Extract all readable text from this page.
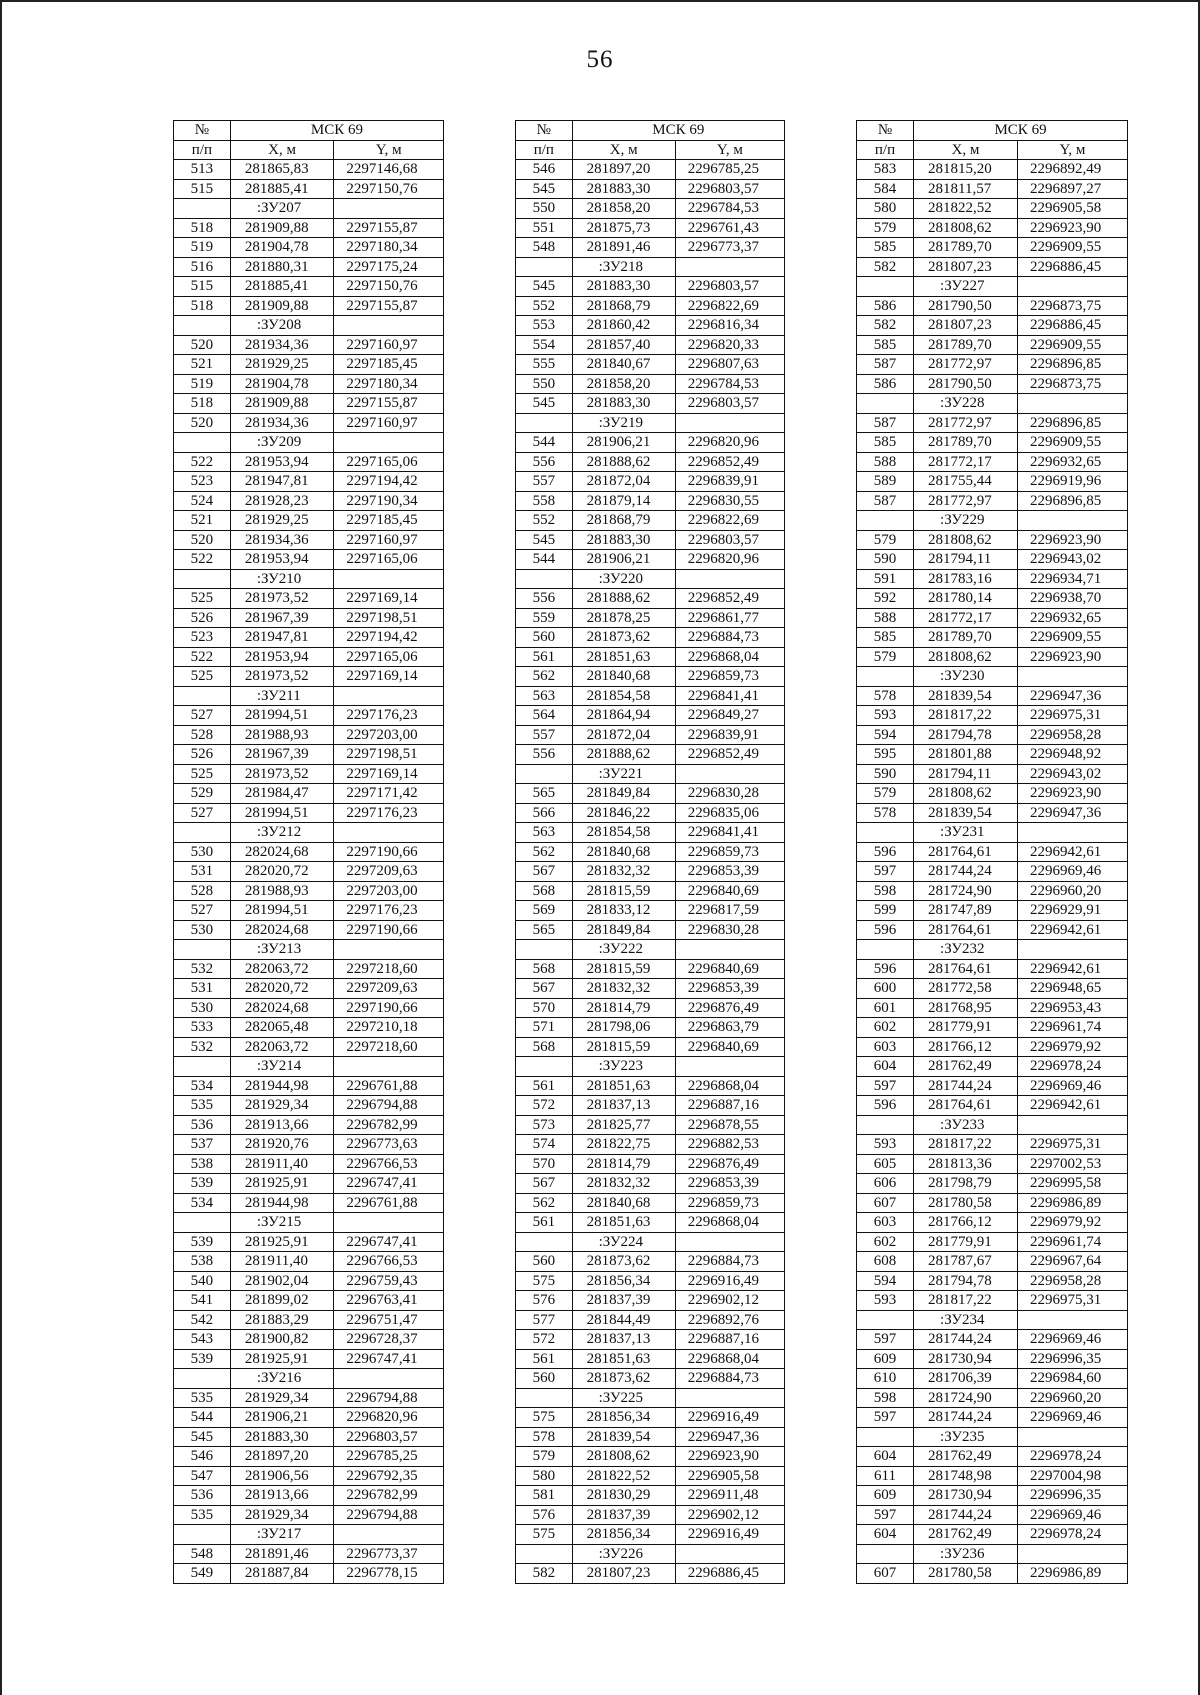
56
№	МСК 69	
п/п	X, м	Y, м
513	281865,83	2297146,68
515	281885,41	2297150,76
	:ЗУ207	
518	281909,88	2297155,87
519	281904,78	2297180,34
516	281880,31	2297175,24
515	281885,41	2297150,76
518	281909,88	2297155,87
	:ЗУ208	
520	281934,36	2297160,97
521	281929,25	2297185,45
519	281904,78	2297180,34
518	281909,88	2297155,87
520	281934,36	2297160,97
	:ЗУ209	
522	281953,94	2297165,06
523	281947,81	2297194,42
524	281928,23	2297190,34
521	281929,25	2297185,45
520	281934,36	2297160,97
522	281953,94	2297165,06
	:ЗУ210	
525	281973,52	2297169,14
526	281967,39	2297198,51
523	281947,81	2297194,42
522	281953,94	2297165,06
525	281973,52	2297169,14
	:ЗУ211	
527	281994,51	2297176,23
528	281988,93	2297203,00
526	281967,39	2297198,51
525	281973,52	2297169,14
529	281984,47	2297171,42
527	281994,51	2297176,23
	:ЗУ212	
530	282024,68	2297190,66
531	282020,72	2297209,63
528	281988,93	2297203,00
527	281994,51	2297176,23
530	282024,68	2297190,66
	:ЗУ213	
532	282063,72	2297218,60
531	282020,72	2297209,63
530	282024,68	2297190,66
533	282065,48	2297210,18
532	282063,72	2297218,60
	:ЗУ214	
534	281944,98	2296761,88
535	281929,34	2296794,88
536	281913,66	2296782,99
537	281920,76	2296773,63
538	281911,40	2296766,53
539	281925,91	2296747,41
534	281944,98	2296761,88
	:ЗУ215	
539	281925,91	2296747,41
538	281911,40	2296766,53
540	281902,04	2296759,43
541	281899,02	2296763,41
542	281883,29	2296751,47
543	281900,82	2296728,37
539	281925,91	2296747,41
	:ЗУ216	
535	281929,34	2296794,88
544	281906,21	2296820,96
545	281883,30	2296803,57
546	281897,20	2296785,25
547	281906,56	2296792,35
536	281913,66	2296782,99
535	281929,34	2296794,88
	:ЗУ217	
548	281891,46	2296773,37
549	281887,84	2296778,15
№	МСК 69	
п/п	X, м	Y, м
546	281897,20	2296785,25
545	281883,30	2296803,57
550	281858,20	2296784,53
551	281875,73	2296761,43
548	281891,46	2296773,37
	:ЗУ218	
545	281883,30	2296803,57
552	281868,79	2296822,69
553	281860,42	2296816,34
554	281857,40	2296820,33
555	281840,67	2296807,63
550	281858,20	2296784,53
545	281883,30	2296803,57
	:ЗУ219	
544	281906,21	2296820,96
556	281888,62	2296852,49
557	281872,04	2296839,91
558	281879,14	2296830,55
552	281868,79	2296822,69
545	281883,30	2296803,57
544	281906,21	2296820,96
	:ЗУ220	
556	281888,62	2296852,49
559	281878,25	2296861,77
560	281873,62	2296884,73
561	281851,63	2296868,04
562	281840,68	2296859,73
563	281854,58	2296841,41
564	281864,94	2296849,27
557	281872,04	2296839,91
556	281888,62	2296852,49
	:ЗУ221	
565	281849,84	2296830,28
566	281846,22	2296835,06
563	281854,58	2296841,41
562	281840,68	2296859,73
567	281832,32	2296853,39
568	281815,59	2296840,69
569	281833,12	2296817,59
565	281849,84	2296830,28
	:ЗУ222	
568	281815,59	2296840,69
567	281832,32	2296853,39
570	281814,79	2296876,49
571	281798,06	2296863,79
568	281815,59	2296840,69
	:ЗУ223	
561	281851,63	2296868,04
572	281837,13	2296887,16
573	281825,77	2296878,55
574	281822,75	2296882,53
570	281814,79	2296876,49
567	281832,32	2296853,39
562	281840,68	2296859,73
561	281851,63	2296868,04
	:ЗУ224	
560	281873,62	2296884,73
575	281856,34	2296916,49
576	281837,39	2296902,12
577	281844,49	2296892,76
572	281837,13	2296887,16
561	281851,63	2296868,04
560	281873,62	2296884,73
	:ЗУ225	
575	281856,34	2296916,49
578	281839,54	2296947,36
579	281808,62	2296923,90
580	281822,52	2296905,58
581	281830,29	2296911,48
576	281837,39	2296902,12
575	281856,34	2296916,49
	:ЗУ226	
582	281807,23	2296886,45
№	МСК 69	
п/п	X, м	Y, м
583	281815,20	2296892,49
584	281811,57	2296897,27
580	281822,52	2296905,58
579	281808,62	2296923,90
585	281789,70	2296909,55
582	281807,23	2296886,45
	:ЗУ227	
586	281790,50	2296873,75
582	281807,23	2296886,45
585	281789,70	2296909,55
587	281772,97	2296896,85
586	281790,50	2296873,75
	:ЗУ228	
587	281772,97	2296896,85
585	281789,70	2296909,55
588	281772,17	2296932,65
589	281755,44	2296919,96
587	281772,97	2296896,85
	:ЗУ229	
579	281808,62	2296923,90
590	281794,11	2296943,02
591	281783,16	2296934,71
592	281780,14	2296938,70
588	281772,17	2296932,65
585	281789,70	2296909,55
579	281808,62	2296923,90
	:ЗУ230	
578	281839,54	2296947,36
593	281817,22	2296975,31
594	281794,78	2296958,28
595	281801,88	2296948,92
590	281794,11	2296943,02
579	281808,62	2296923,90
578	281839,54	2296947,36
	:ЗУ231	
596	281764,61	2296942,61
597	281744,24	2296969,46
598	281724,90	2296960,20
599	281747,89	2296929,91
596	281764,61	2296942,61
	:ЗУ232	
596	281764,61	2296942,61
600	281772,58	2296948,65
601	281768,95	2296953,43
602	281779,91	2296961,74
603	281766,12	2296979,92
604	281762,49	2296978,24
597	281744,24	2296969,46
596	281764,61	2296942,61
	:ЗУ233	
593	281817,22	2296975,31
605	281813,36	2297002,53
606	281798,79	2296995,58
607	281780,58	2296986,89
603	281766,12	2296979,92
602	281779,91	2296961,74
608	281787,67	2296967,64
594	281794,78	2296958,28
593	281817,22	2296975,31
	:ЗУ234	
597	281744,24	2296969,46
609	281730,94	2296996,35
610	281706,39	2296984,60
598	281724,90	2296960,20
597	281744,24	2296969,46
	:ЗУ235	
604	281762,49	2296978,24
611	281748,98	2297004,98
609	281730,94	2296996,35
597	281744,24	2296969,46
604	281762,49	2296978,24
	:ЗУ236	
607	281780,58	2296986,89
